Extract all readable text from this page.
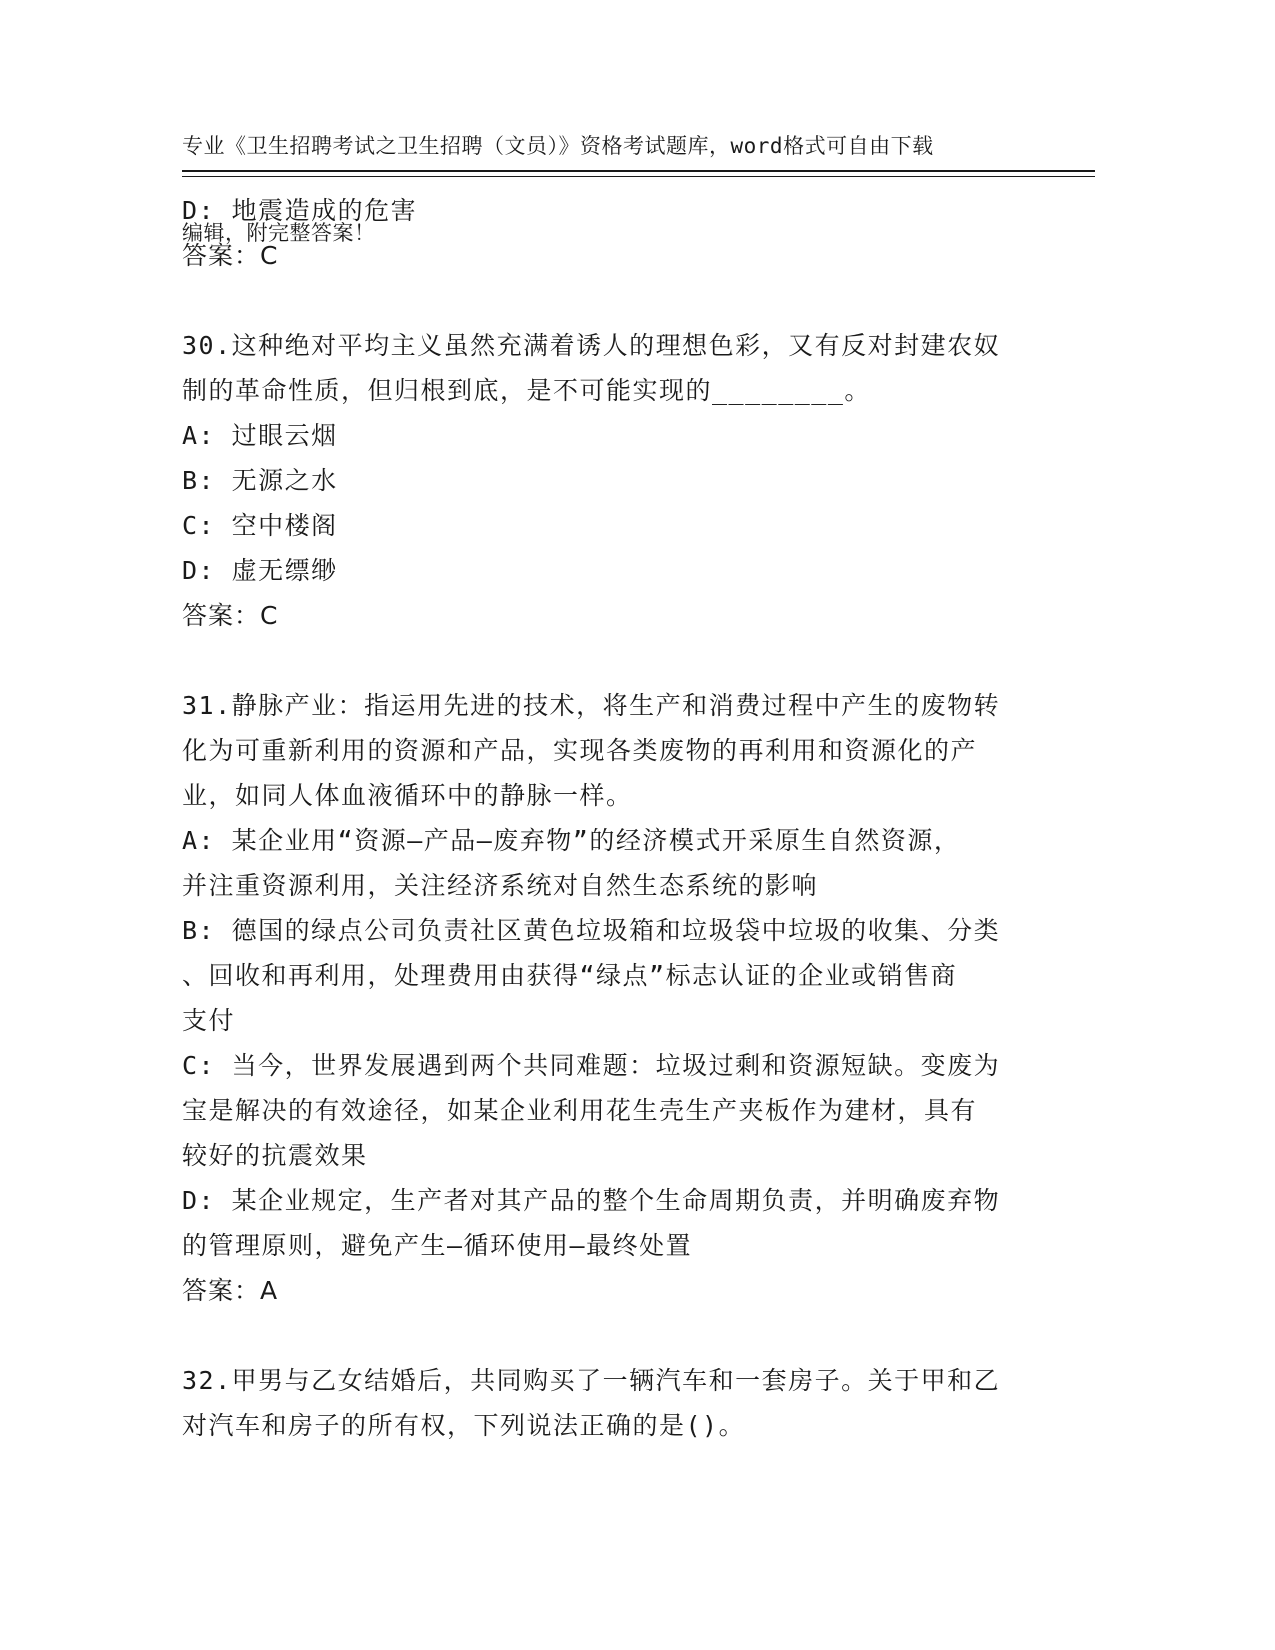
专业《卫生招聘考试之卫生招聘（文员）》资格考试题库，word格式可自由下载

编辑，附完整答案！

D: 地震造成的危害
答案：C
30.这种绝对平均主义虽然充满着诱人的理想色彩，又有反对封建农奴
制的革命性质，但归根到底，是不可能实现的________。
A: 过眼云烟
B: 无源之水
C: 空中楼阁
D: 虚无缥缈
答案：C
31.静脉产业：指运用先进的技术，将生产和消费过程中产生的废物转
化为可重新利用的资源和产品，实现各类废物的再利用和资源化的产
业，如同人体血液循环中的静脉一样。
A: 某企业用“资源—产品—废弃物”的经济模式开采原生自然资源，
并注重资源利用，关注经济系统对自然生态系统的影响
B: 德国的绿点公司负责社区黄色垃圾箱和垃圾袋中垃圾的收集、分类
、回收和再利用，处理费用由获得“绿点”标志认证的企业或销售商
支付
C: 当今，世界发展遇到两个共同难题：垃圾过剩和资源短缺。变废为
宝是解决的有效途径，如某企业利用花生壳生产夹板作为建材，具有
较好的抗震效果
D: 某企业规定，生产者对其产品的整个生命周期负责，并明确废弃物
的管理原则，避免产生—循环使用—最终处置
答案：A
32.甲男与乙女结婚后，共同购买了一辆汽车和一套房子。关于甲和乙
对汽车和房子的所有权，下列说法正确的是()。
